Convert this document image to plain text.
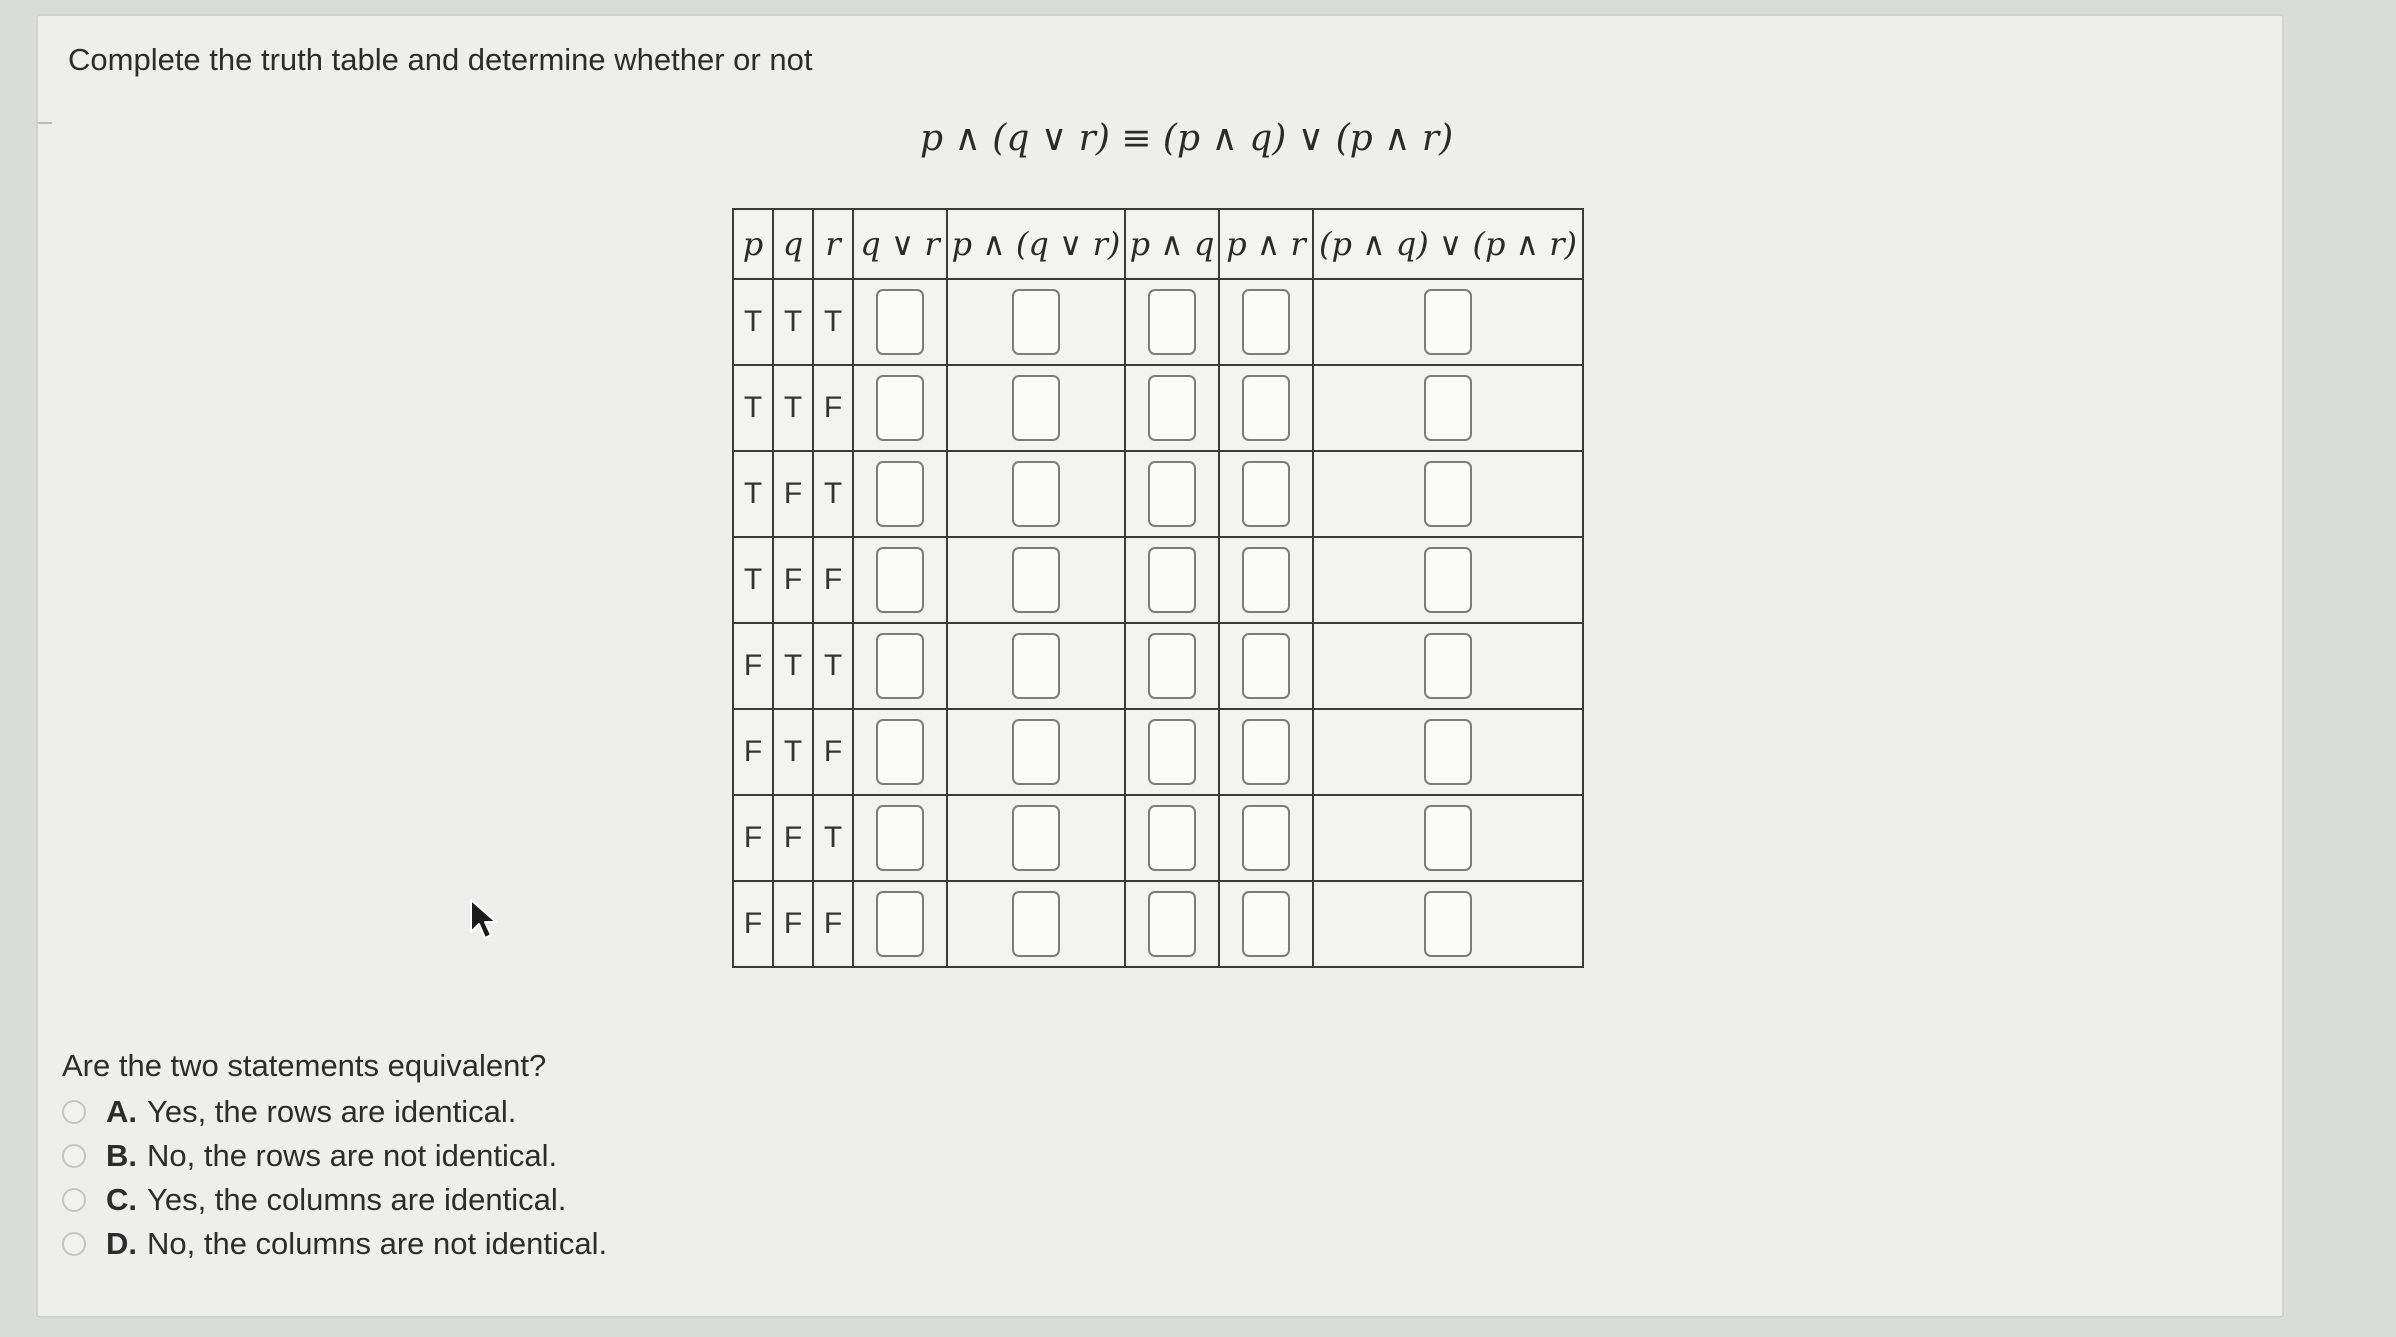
Complete the truth table and determine whether or not

p ∧ (q ∨ r) ≡ (p ∧ q) ∨ (p ∧ r)
p	q	r	q ∨ r	p ∧ (q ∨ r)	p ∧ q	p ∧ r	(p ∧ q) ∨ (p ∧ r)
T	T	T					
T	T	F					
T	F	T					
T	F	F					
F	T	T					
F	T	F					
F	F	T					
F	F	F					

Are the two statements equivalent?

A. Yes, the rows are identical.
B. No, the rows are not identical.
C. Yes, the columns are identical.
D. No, the columns are not identical.
